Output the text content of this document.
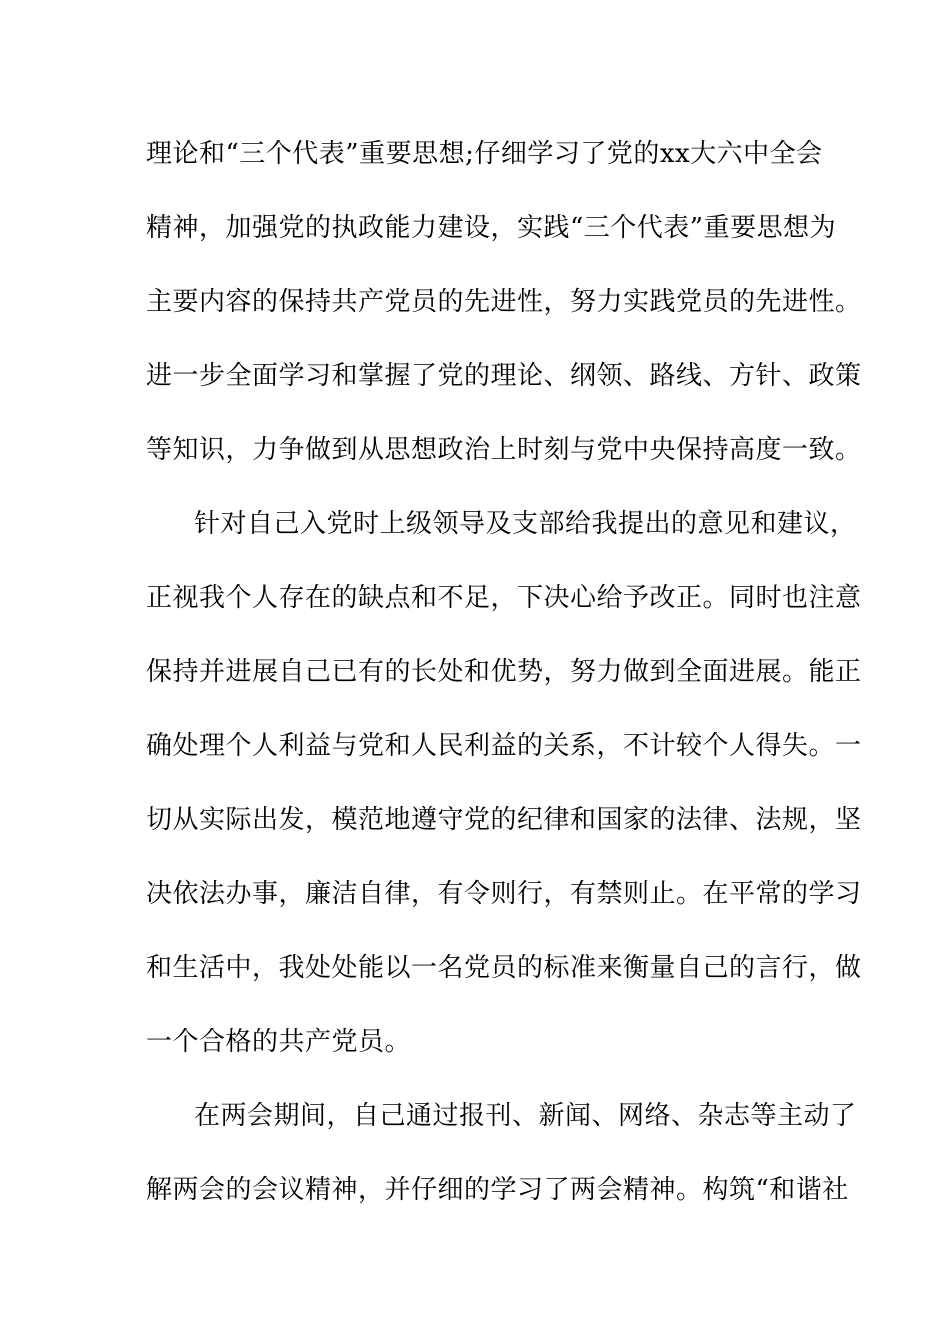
理论和“三个代表”重要思想;仔细学习了党的xx大六中全会
精神，加强党的执政能力建设，实践“三个代表”重要思想为
主要内容的保持共产党员的先进性，努力实践党员的先进性。
进一步全面学习和掌握了党的理论、纲领、路线、方针、政策
等知识，力争做到从思想政治上时刻与党中央保持高度一致。
针对自己入党时上级领导及支部给我提出的意见和建议，
正视我个人存在的缺点和不足，下决心给予改正。同时也注意
保持并进展自己已有的长处和优势，努力做到全面进展。能正
确处理个人利益与党和人民利益的关系，不计较个人得失。一
切从实际出发，模范地遵守党的纪律和国家的法律、法规，坚
决依法办事，廉洁自律，有令则行，有禁则止。在平常的学习
和生活中，我处处能以一名党员的标准来衡量自己的言行，做
一个合格的共产党员。
在两会期间，自己通过报刊、新闻、网络、杂志等主动了
解两会的会议精神，并仔细的学习了两会精神。构筑“和谐社
